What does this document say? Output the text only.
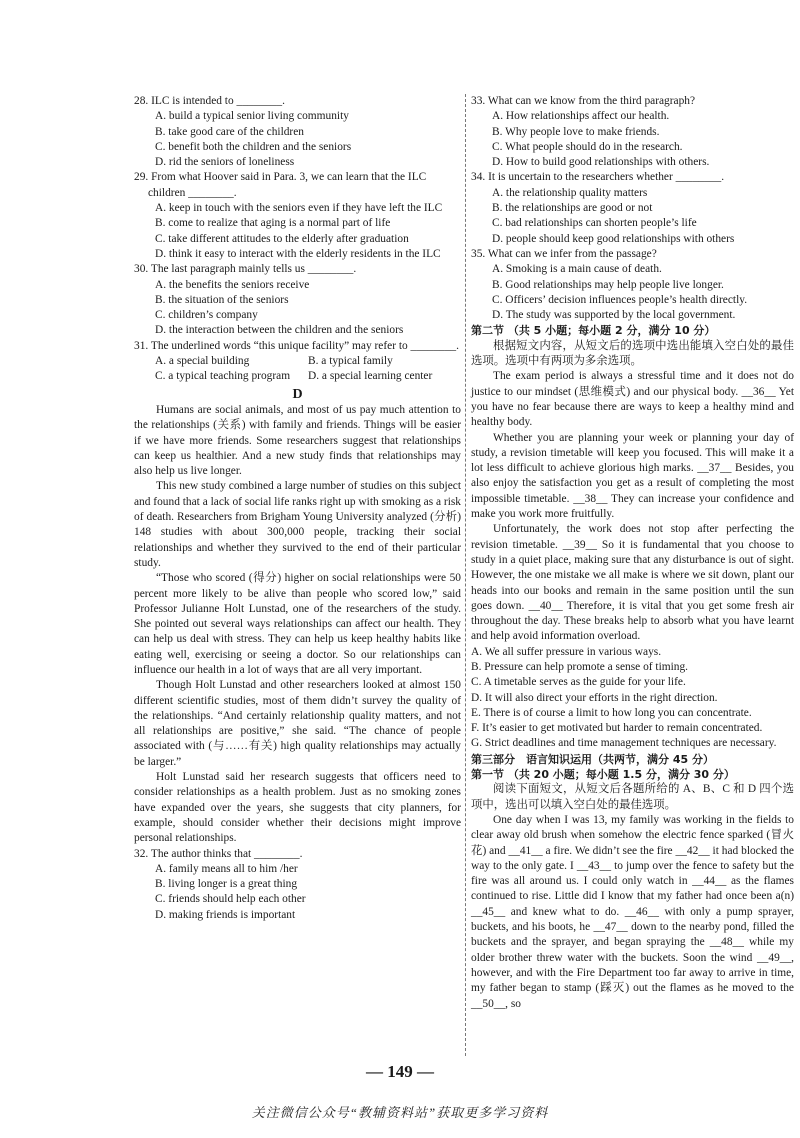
28. ILC is intended to ________.

A. build a typical senior living community

B. take good care of the children

C. benefit both the children and the seniors

D. rid the seniors of loneliness

29. From what Hoover said in Para. 3, we can learn that the ILC children ________.

A. keep in touch with the seniors even if they have left the ILC

B. come to realize that aging is a normal part of life

C. take different attitudes to the elderly after graduation

D. think it easy to interact with the elderly residents in the ILC

30. The last paragraph mainly tells us ________.

A. the benefits the seniors receive

B. the situation of the seniors

C. children’s company

D. the interaction between the children and the seniors

31. The underlined words “this unique facility” may refer to ________.

A. a special building	B. a typical family
C. a typical teaching program	D. a special learning center

D

Humans are social animals, and most of us pay much attention to the relationships (关系) with family and friends. Things will be easier if we have more friends. Some researchers suggest that relationships can keep us healthier. And a new study finds that relationships may also help us live longer.

This new study combined a large number of studies on this subject and found that a lack of social life ranks right up with smoking as a risk of death. Researchers from Brigham Young University analyzed (分析) 148 studies with about 300,000 people, tracking their social relationships and whether they survived to the end of their particular study.

“Those who scored (得分) higher on social relationships were 50 percent more likely to be alive than people who scored low,” said Professor Julianne Holt Lunstad, one of the researchers of the study. She pointed out several ways relationships can affect our health. They can help us deal with stress. They can help us keep healthy habits like eating well, exercising or seeing a doctor. So our relationships can influence our health in a lot of ways that are all very important.

Though Holt Lunstad and other researchers looked at almost 150 different scientific studies, most of them didn’t survey the quality of the relationships. “And certainly relationship quality matters, and not all relationships are positive,” she said. “The chance of people associated with (与……有关) high quality relationships may actually be larger.”

Holt Lunstad said her research suggests that officers need to consider relationships as a health problem. Just as no smoking zones have expanded over the years, she suggests that city planners, for example, should consider whether their decisions might improve personal relationships.

32. The author thinks that ________.

A. family means all to him /her

B. living longer is a great thing

C. friends should help each other

D. making friends is important

33. What can we know from the third paragraph?

A. How relationships affect our health.

B. Why people love to make friends.

C. What people should do in the research.

D. How to build good relationships with others.

34. It is uncertain to the researchers whether ________.

A. the relationship quality matters

B. the relationships are good or not

C. bad relationships can shorten people’s life

D. people should keep good relationships with others

35. What can we infer from the passage?

A. Smoking is a main cause of death.

B. Good relationships may help people live longer.

C. Officers’ decision influences people’s health directly.

D. The study was supported by the local government.

第二节 （共 5 小题；每小题 2 分，满分 10 分）

根据短文内容，从短文后的选项中选出能填入空白处的最佳选项。选项中有两项为多余选项。

The exam period is always a stressful time and it does not do justice to our mindset (思维模式) and our physical body. __36__ Yet you have no fear because there are ways to keep a healthy mind and healthy body.

Whether you are planning your week or planning your day of study, a revision timetable will keep you focused. This will make it a lot less difficult to achieve glorious high marks. __37__ Besides, you also enjoy the satisfaction you get as a result of completing the most impossible timetable. __38__ They can increase your confidence and make you work more fruitfully.

Unfortunately, the work does not stop after perfecting the revision timetable. __39__ So it is fundamental that you choose to study in a quiet place, making sure that any disturbance is out of sight. However, the one mistake we all make is where we sit down, plant our heads into our books and remain in the same position until the sun goes down. __40__ Therefore, it is vital that you get some fresh air throughout the day. These breaks help to absorb what you have learnt and help avoid information overload.

A. We all suffer pressure in various ways.

B. Pressure can help promote a sense of timing.

C. A timetable serves as the guide for your life.

D. It will also direct your efforts in the right direction.

E. There is of course a limit to how long you can concentrate.

F. It’s easier to get motivated but harder to remain concentrated.

G. Strict deadlines and time management techniques are necessary.

第三部分　语言知识运用（共两节，满分 45 分）

第一节 （共 20 小题；每小题 1.5 分，满分 30 分）

阅读下面短文，从短文后各题所给的 A、B、C 和 D 四个选项中，选出可以填入空白处的最佳选项。

One day when I was 13, my family was working in the fields to clear away old brush when somehow the electric fence sparked (冒火花) and __41__ a fire. We didn’t see the fire __42__ it had blocked the way to the only gate. I __43__ to jump over the fence to safety but the fire was all around us. I could only watch in __44__ as the flames continued to rise. Little did I know that my father had once been a(n) __45__ and knew what to do. __46__ with only a pump sprayer, buckets, and his boots, he __47__ down to the nearby pond, filled the buckets and the sprayer, and began spraying the __48__ while my older brother threw water with the buckets. Soon the wind __49__, however, and with the Fire Department too far away to arrive in time, my father began to stamp (踩灭) out the flames as he moved to the __50__, so

— 149 —
关注微信公众号“教辅资料站”获取更多学习资料
